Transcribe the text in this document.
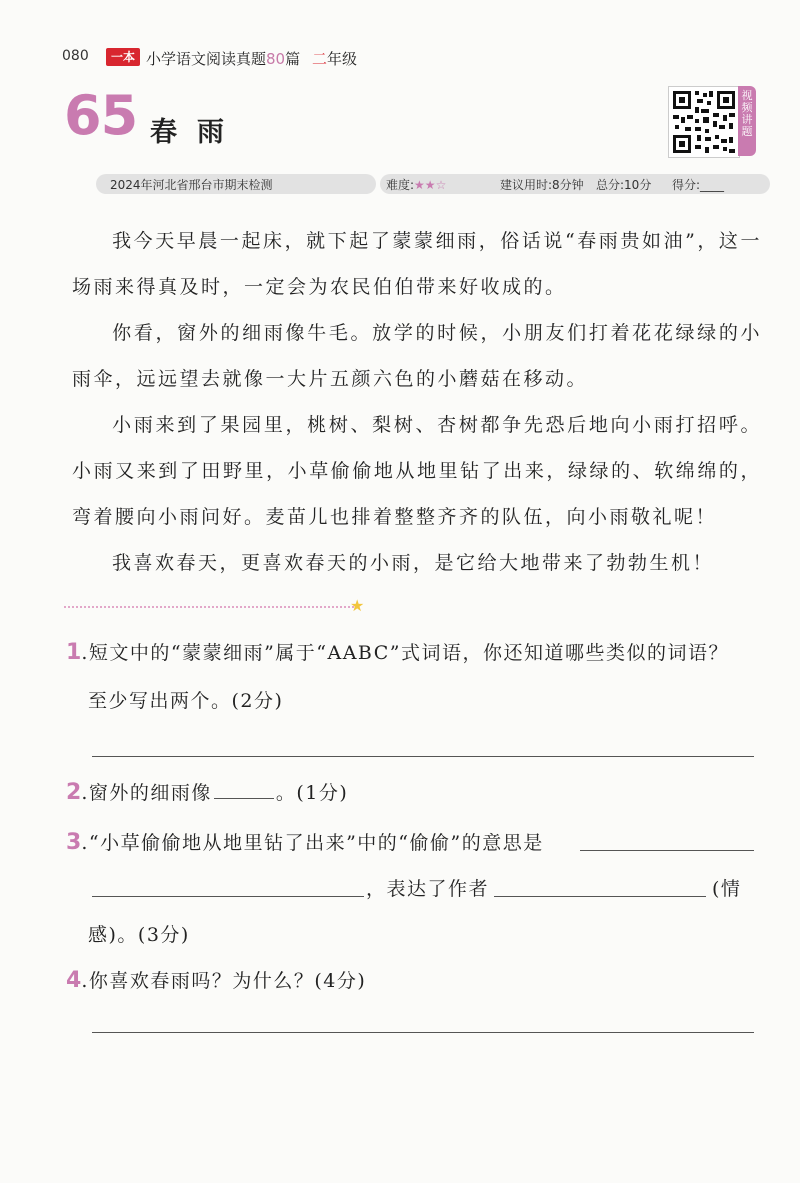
080	一本 小学语文阅读真题80篇 二年级
65 春雨
视频讲题
2024年河北省邢台市期末检测	难度:★★☆	建议用时:8分钟 总分:10分 得分:____
我今天早晨一起床，就下起了蒙蒙细雨，俗话说“春雨贵如油”，这一场雨来得真及时，一定会为农民伯伯带来好收成的。
你看，窗外的细雨像牛毛。放学的时候，小朋友们打着花花绿绿的小雨伞，远远望去就像一大片五颜六色的小蘑菇在移动。
小雨来到了果园里，桃树、梨树、杏树都争先恐后地向小雨打招呼。小雨又来到了田野里，小草偷偷地从地里钻了出来，绿绿的、软绵绵的，弯着腰向小雨问好。麦苗儿也排着整整齐齐的队伍，向小雨敬礼呢！
我喜欢春天，更喜欢春天的小雨，是它给大地带来了勃勃生机！
★
1.短文中的“蒙蒙细雨”属于“AABC”式词语，你还知道哪些类似的词语？
至少写出两个。(2分)
2.窗外的细雨像	。(1分)
3.“小草偷偷地从地里钻了出来”中的“偷偷”的意思是
，表达了作者	(情
感)。(3分)
4.你喜欢春雨吗？为什么？(4分)
